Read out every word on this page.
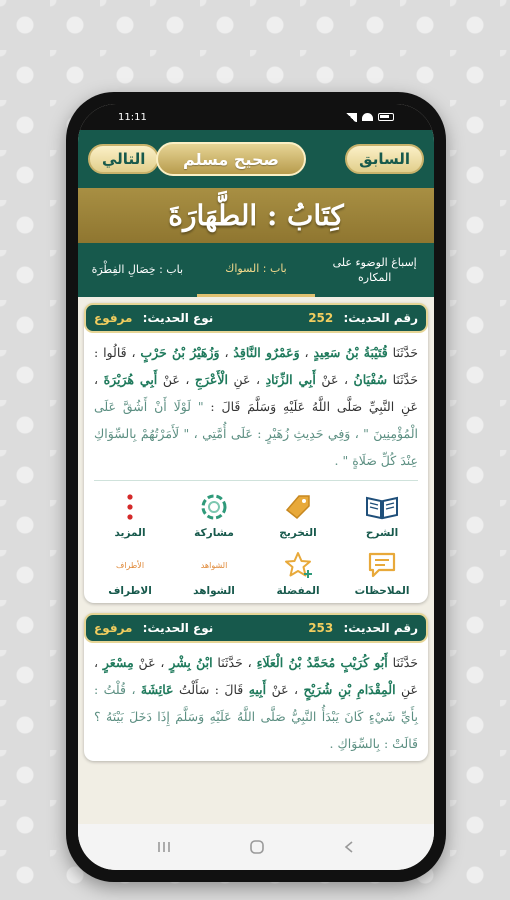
11:11
التالي	صحيح مسلم	السابق
كِتَابُ : الطَّهَارَةَ
إسباغ الوضوء على المكاره
باب : السواك
باب : خِصَالِ الفِطْرَة
رقم الحديث: 252
نوع الحديث: مرفوع
حَدَّثَنَا قُتَيْبَةُ بْنُ سَعِيدٍ ، وَعَمْرٌو النَّاقِدُ ، وَزُهَيْرُ بْنُ حَرْبٍ ، قَالُوا : حَدَّثَنَا سُفْيَانُ ، عَنْ أَبِي الزِّنَادِ ، عَنِ الْأَعْرَجِ ، عَنْ أَبِي هُرَيْرَةَ ، عَنِ النَّبِيِّ صَلَّى اللَّهُ عَلَيْهِ وَسَلَّمَ قَالَ : " لَوْلَا أَنْ أَشُقَّ عَلَى الْمُؤْمِنِينَ " ، وَفِي حَدِيثِ زُهَيْرٍ : عَلَى أُمَّتِي ، " لَأَمَرْتُهُمْ بِالسِّوَاكِ عِنْدَ كُلِّ صَلَاةٍ " .
الشرح
التخريج
مشاركة
المزيد
الملاحظات
المفضلة
الشواهد
الشواهد
الأطراف
الاطراف
رقم الحديث: 253
نوع الحديث: مرفوع
حَدَّثَنَا أَبُو كُرَيْبٍ مُحَمَّدُ بْنُ الْعَلَاءِ ، حَدَّثَنَا ابْنُ بِشْرٍ ، عَنْ مِسْعَرٍ ، عَنِ الْمِقْدَامِ بْنِ شُرَيْحٍ ، عَنْ أَبِيهِ قَالَ : سَأَلْتُ عَائِشَةَ ، قُلْتُ : بِأَيِّ شَيْءٍ كَانَ يَبْدَأُ النَّبِيُّ صَلَّى اللَّهُ عَلَيْهِ وَسَلَّمَ إِذَا دَخَلَ بَيْتَهُ ؟ قَالَتْ : بِالسِّوَاكِ .
